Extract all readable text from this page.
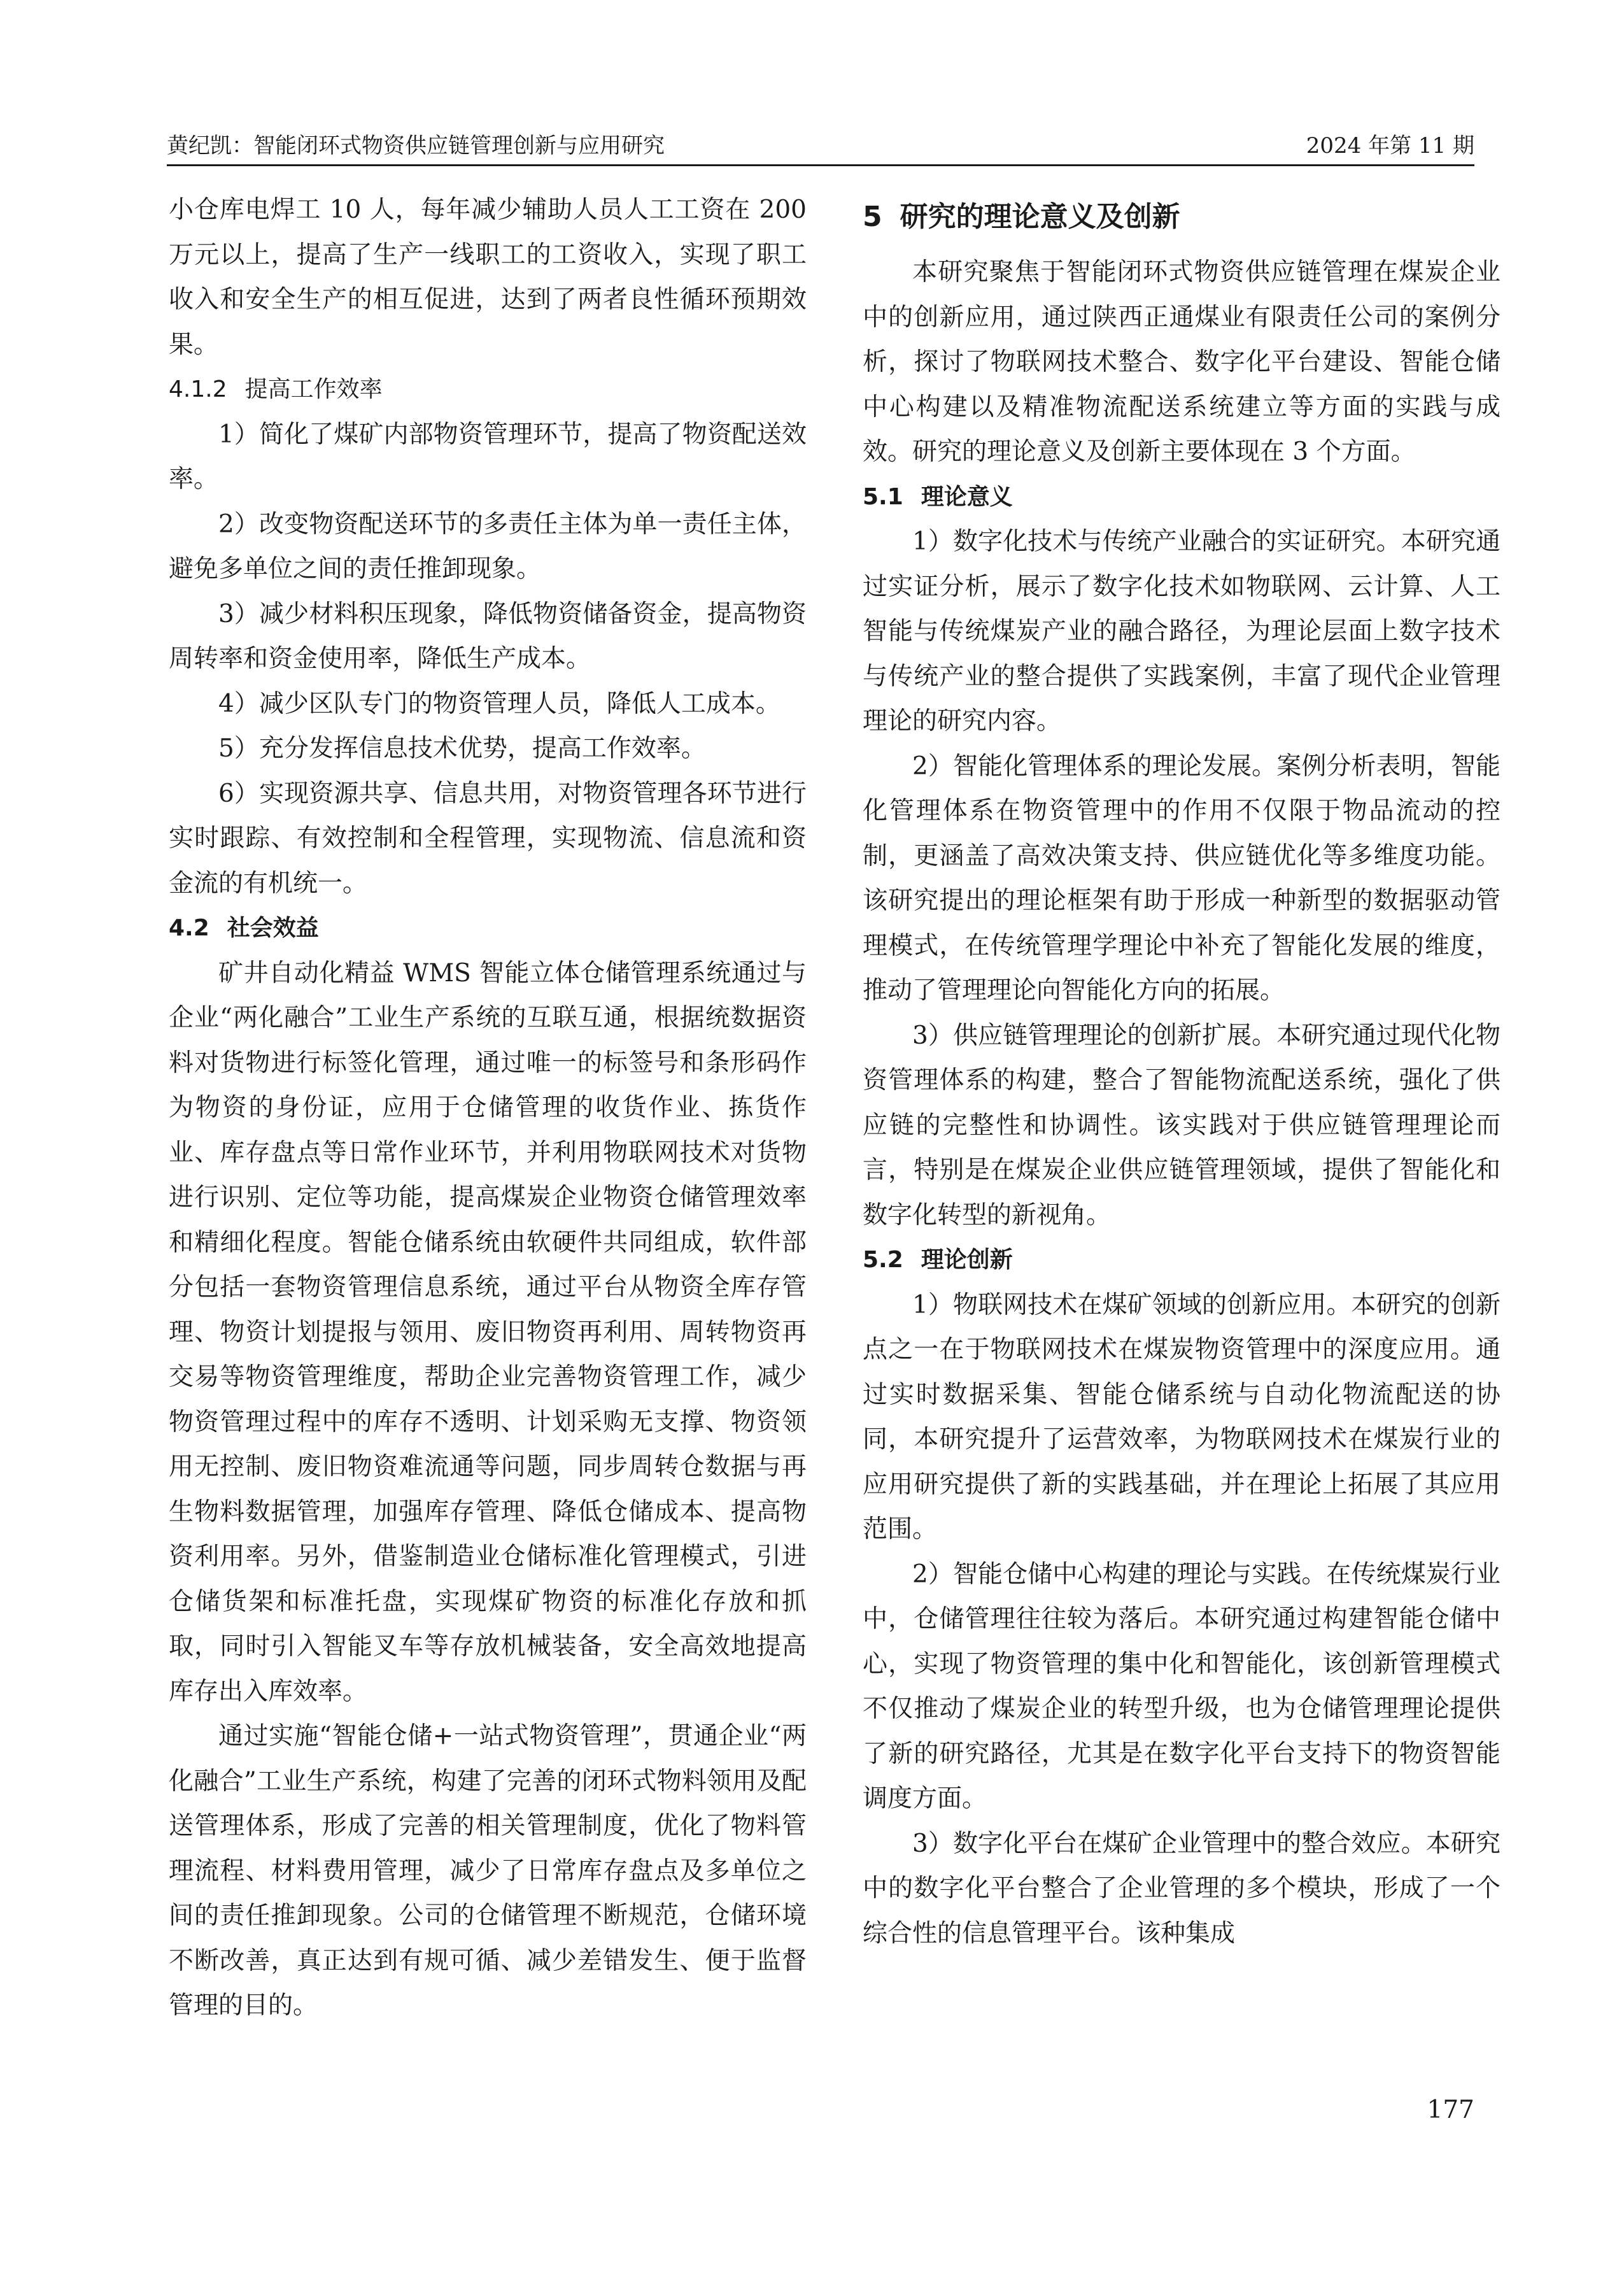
黄纪凯：智能闭环式物资供应链管理创新与应用研究	2024 年第 11 期

小仓库电焊工 10 人，每年减少辅助人员人工工资在 200 万元以上，提高了生产一线职工的工资收入，实现了职工收入和安全生产的相互促进，达到了两者良性循环预期效果。

4.1.2 提高工作效率

1）简化了煤矿内部物资管理环节，提高了物资配送效率。

2）改变物资配送环节的多责任主体为单一责任主体，避免多单位之间的责任推卸现象。

3）减少材料积压现象，降低物资储备资金，提高物资周转率和资金使用率，降低生产成本。

4）减少区队专门的物资管理人员，降低人工成本。

5）充分发挥信息技术优势，提高工作效率。

6）实现资源共享、信息共用，对物资管理各环节进行实时跟踪、有效控制和全程管理，实现物流、信息流和资金流的有机统一。

4.2 社会效益

矿井自动化精益 WMS 智能立体仓储管理系统通过与企业“两化融合”工业生产系统的互联互通，根据统数据资料对货物进行标签化管理，通过唯一的标签号和条形码作为物资的身份证，应用于仓储管理的收货作业、拣货作业、库存盘点等日常作业环节，并利用物联网技术对货物进行识别、定位等功能，提高煤炭企业物资仓储管理效率和精细化程度。智能仓储系统由软硬件共同组成，软件部分包括一套物资管理信息系统，通过平台从物资全库存管理、物资计划提报与领用、废旧物资再利用、周转物资再交易等物资管理维度，帮助企业完善物资管理工作，减少物资管理过程中的库存不透明、计划采购无支撑、物资领用无控制、废旧物资难流通等问题，同步周转仓数据与再生物料数据管理，加强库存管理、降低仓储成本、提高物资利用率。另外，借鉴制造业仓储标准化管理模式，引进仓储货架和标准托盘，实现煤矿物资的标准化存放和抓取，同时引入智能叉车等存放机械装备，安全高效地提高库存出入库效率。

通过实施“智能仓储+一站式物资管理”，贯通企业“两化融合”工业生产系统，构建了完善的闭环式物料领用及配送管理体系，形成了完善的相关管理制度，优化了物料管理流程、材料费用管理，减少了日常库存盘点及多单位之间的责任推卸现象。公司的仓储管理不断规范，仓储环境不断改善，真正达到有规可循、减少差错发生、便于监督管理的目的。

5 研究的理论意义及创新

本研究聚焦于智能闭环式物资供应链管理在煤炭企业中的创新应用，通过陕西正通煤业有限责任公司的案例分析，探讨了物联网技术整合、数字化平台建设、智能仓储中心构建以及精准物流配送系统建立等方面的实践与成效。研究的理论意义及创新主要体现在 3 个方面。

5.1 理论意义

1）数字化技术与传统产业融合的实证研究。本研究通过实证分析，展示了数字化技术如物联网、云计算、人工智能与传统煤炭产业的融合路径，为理论层面上数字技术与传统产业的整合提供了实践案例，丰富了现代企业管理理论的研究内容。

2）智能化管理体系的理论发展。案例分析表明，智能化管理体系在物资管理中的作用不仅限于物品流动的控制，更涵盖了高效决策支持、供应链优化等多维度功能。该研究提出的理论框架有助于形成一种新型的数据驱动管理模式，在传统管理学理论中补充了智能化发展的维度，推动了管理理论向智能化方向的拓展。

3）供应链管理理论的创新扩展。本研究通过现代化物资管理体系的构建，整合了智能物流配送系统，强化了供应链的完整性和协调性。该实践对于供应链管理理论而言，特别是在煤炭企业供应链管理领域，提供了智能化和数字化转型的新视角。

5.2 理论创新

1）物联网技术在煤矿领域的创新应用。本研究的创新点之一在于物联网技术在煤炭物资管理中的深度应用。通过实时数据采集、智能仓储系统与自动化物流配送的协同，本研究提升了运营效率，为物联网技术在煤炭行业的应用研究提供了新的实践基础，并在理论上拓展了其应用范围。

2）智能仓储中心构建的理论与实践。在传统煤炭行业中，仓储管理往往较为落后。本研究通过构建智能仓储中心，实现了物资管理的集中化和智能化，该创新管理模式不仅推动了煤炭企业的转型升级，也为仓储管理理论提供了新的研究路径，尤其是在数字化平台支持下的物资智能调度方面。

3）数字化平台在煤矿企业管理中的整合效应。本研究中的数字化平台整合了企业管理的多个模块，形成了一个综合性的信息管理平台。该种集成

177
